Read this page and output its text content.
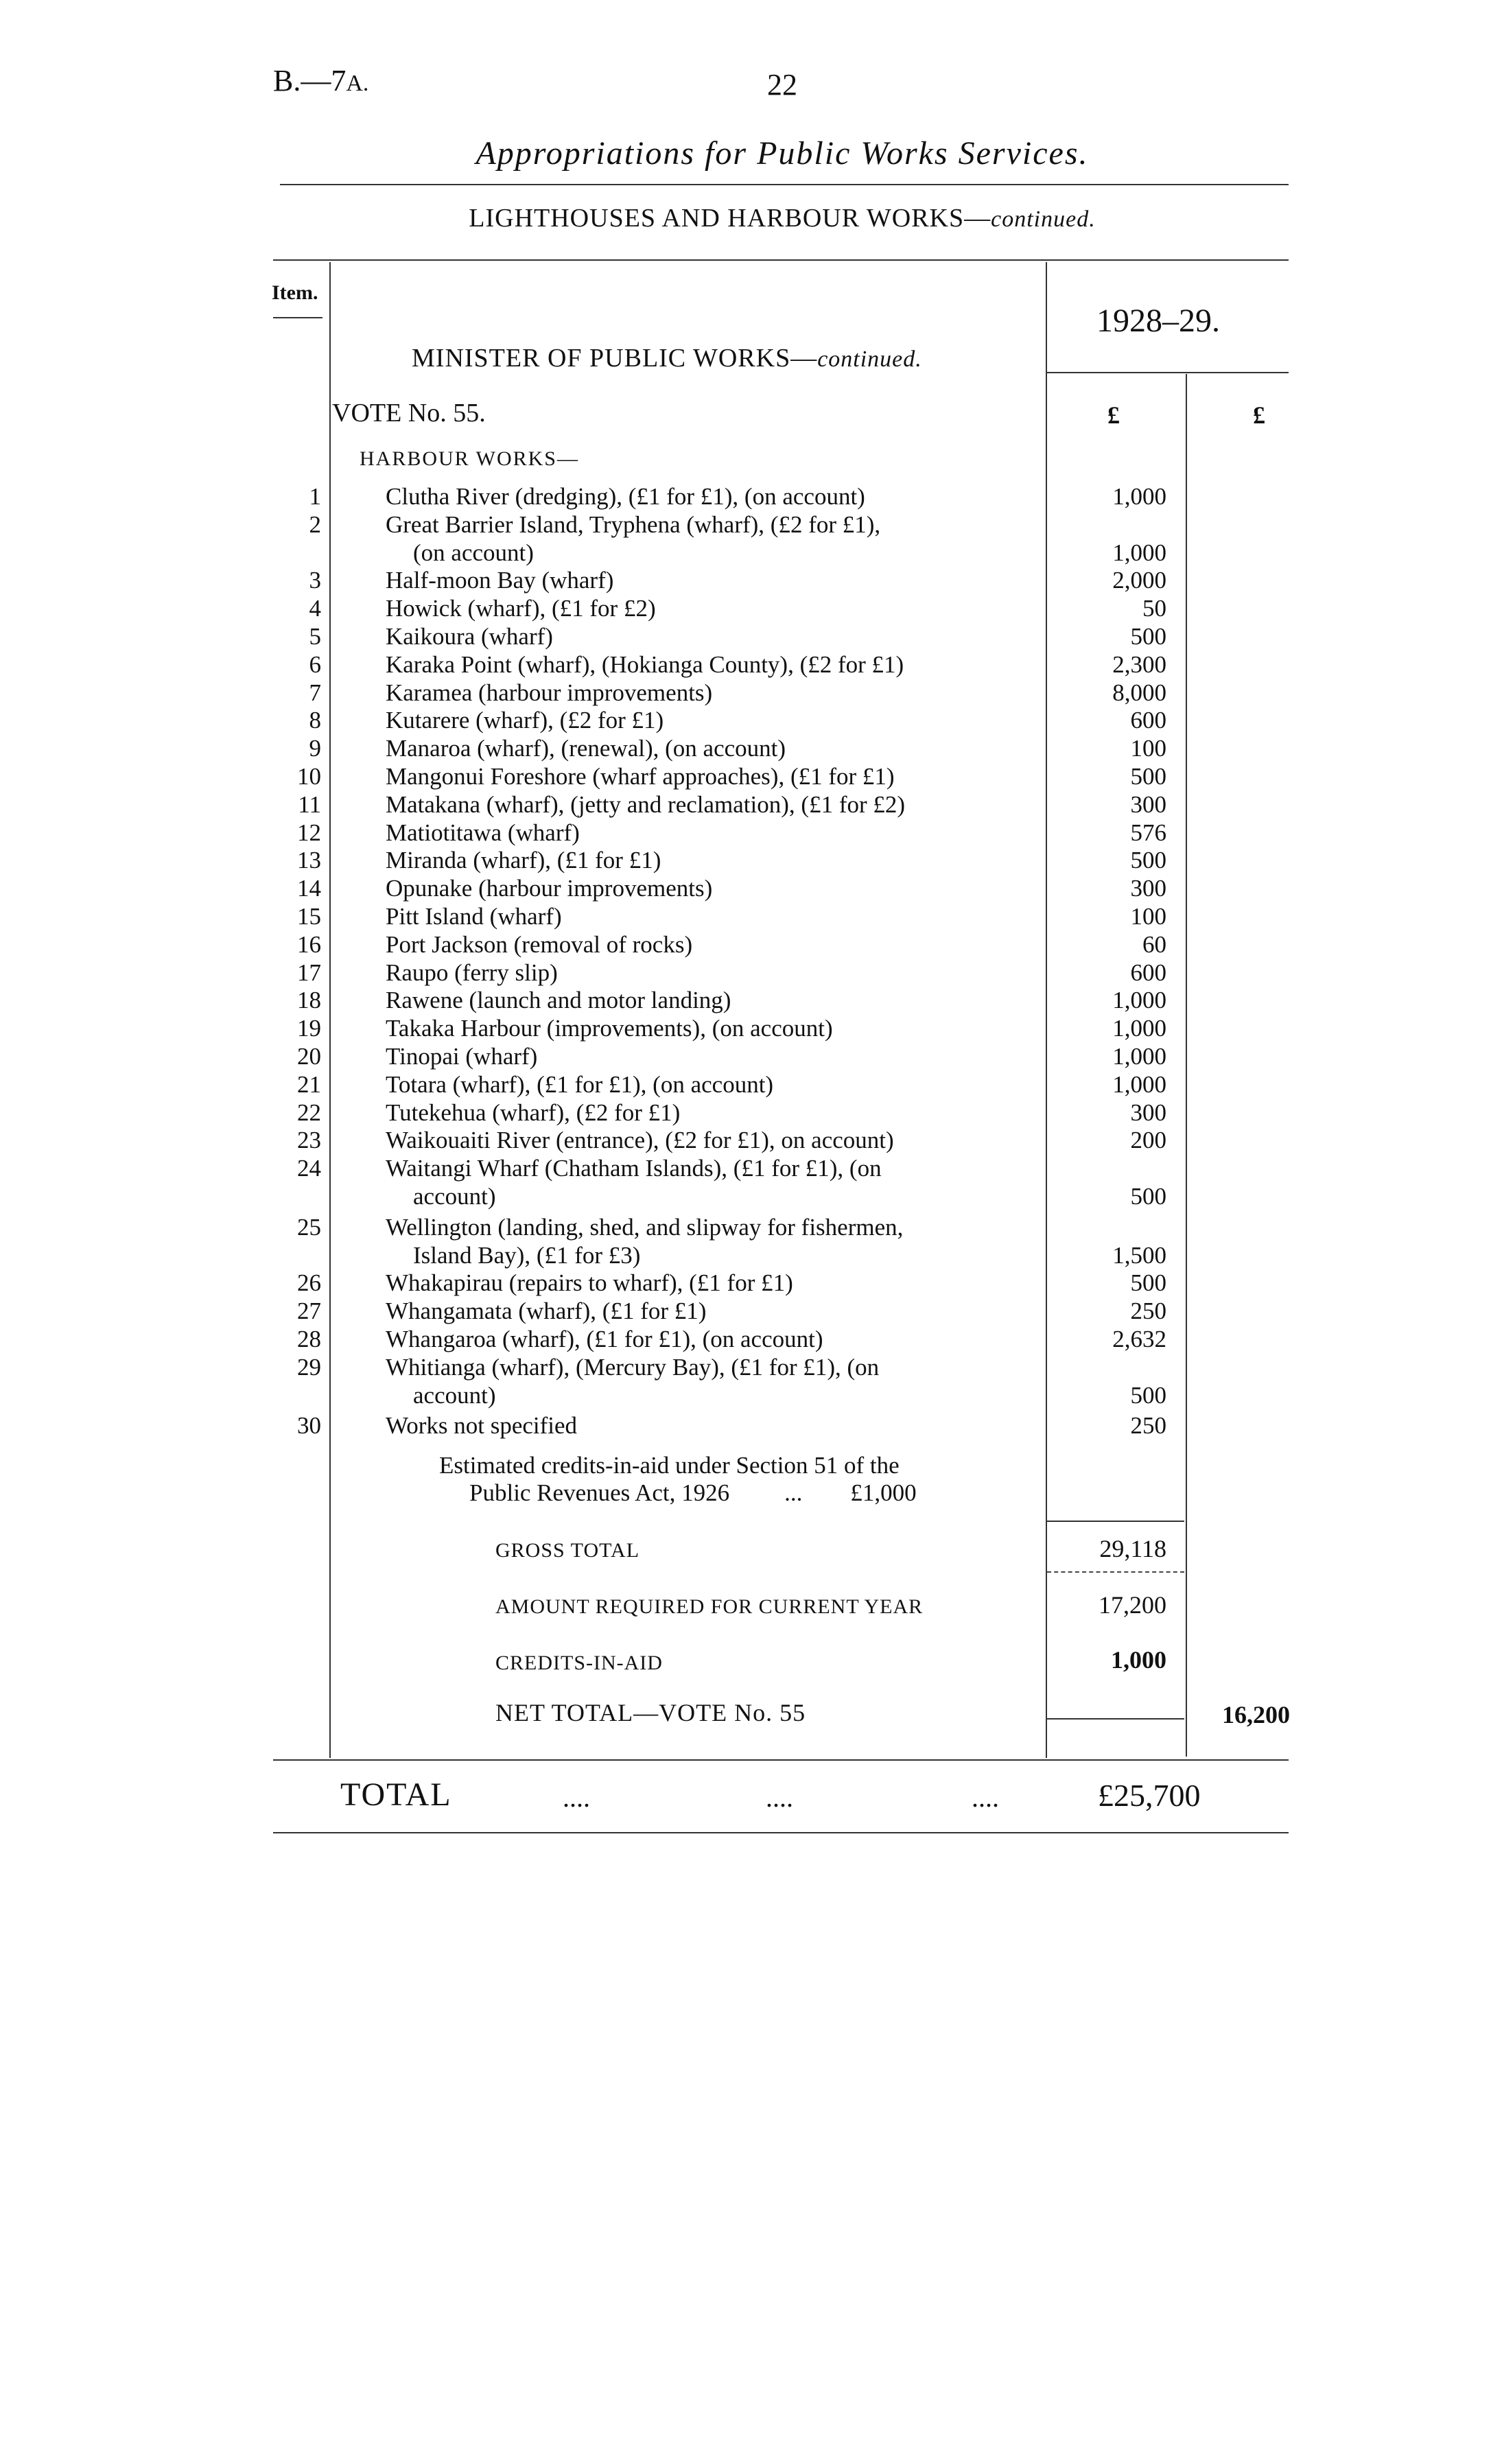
B.—7A.	22
Appropriations for Public Works Services.
LIGHTHOUSES AND HARBOUR WORKS—continued.
Item.
1928–29.
MINISTER OF PUBLIC WORKS—continued.
VOTE No. 55.	£	£
HARBOUR WORKS—
1	Clutha River (dredging), (£1 for £1), (on account)	1,000
2	Great Barrier Island, Tryphena (wharf), (£2 for £1),
(on account)	1,000
3	Half-moon Bay (wharf)	2,000
4	Howick (wharf), (£1 for £2)	50
5	Kaikoura (wharf)	500
6	Karaka Point (wharf), (Hokianga County), (£2 for £1)	2,300
7	Karamea (harbour improvements)	8,000
8	Kutarere (wharf), (£2 for £1)	600
9	Manaroa (wharf), (renewal), (on account)	100
10	Mangonui Foreshore (wharf approaches), (£1 for £1)	500
11	Matakana (wharf), (jetty and reclamation), (£1 for £2)	300
12	Matiotitawa (wharf)	576
13	Miranda (wharf), (£1 for £1)	500
14	Opunake (harbour improvements)	300
15	Pitt Island (wharf)	100
16	Port Jackson (removal of rocks)	60
17	Raupo (ferry slip)	600
18	Rawene (launch and motor landing)	1,000
19	Takaka Harbour (improvements), (on account)	1,000
20	Tinopai (wharf)	1,000
21	Totara (wharf), (£1 for £1), (on account)	1,000
22	Tutekehua (wharf), (£2 for £1)	300
23	Waikouaiti River (entrance), (£2 for £1), on account)	200
24	Waitangi Wharf (Chatham Islands), (£1 for £1), (on
account)	500
25	Wellington (landing, shed, and slipway for fishermen,
Island Bay), (£1 for £3)	1,500
26	Whakapirau (repairs to wharf), (£1 for £1)	500
27	Whangamata (wharf), (£1 for £1)	250
28	Whangaroa (wharf), (£1 for £1), (on account)	2,632
29	Whitianga (wharf), (Mercury Bay), (£1 for £1), (on
account)	500
30	Works not specified	250
Estimated credits-in-aid under Section 51 of the
Public Revenues Act, 1926 ... £1,000
GROSS TOTAL	29,118
AMOUNT REQUIRED FOR CURRENT YEAR	17,200
CREDITS-IN-AID	1,000
NET TOTAL—VOTE No. 55	16,200
TOTAL	....	....	....	£25,700
